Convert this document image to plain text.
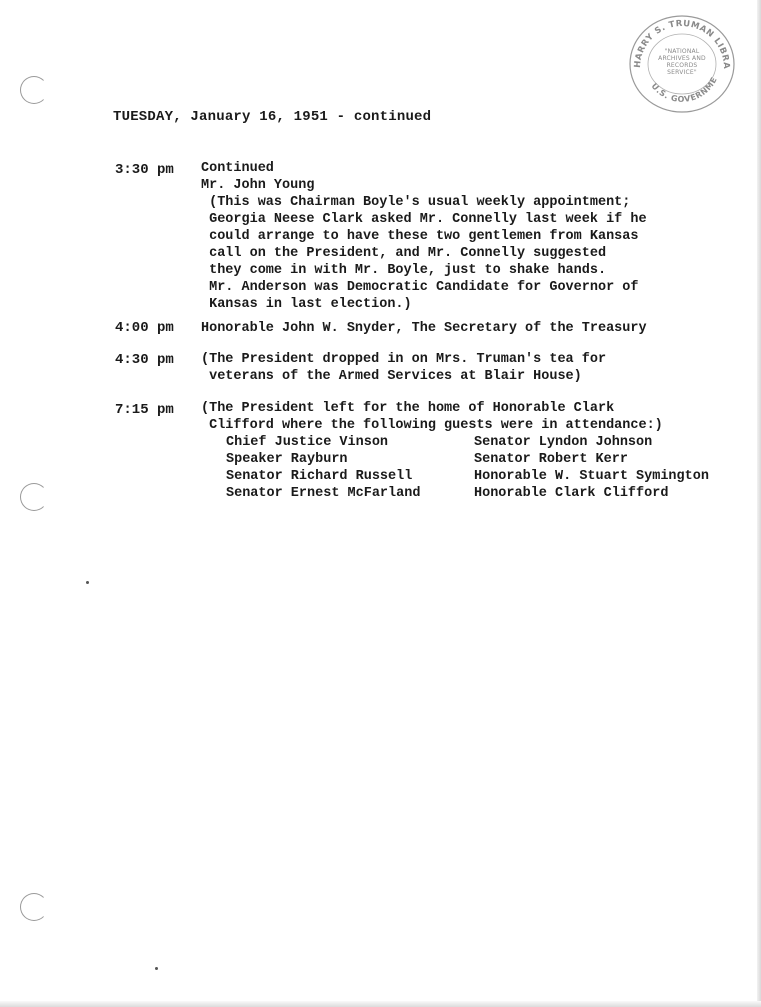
HARRY S. TRUMAN LIBRA
U.S. GOVERNME
"NATIONAL ARCHIVES AND RECORDS SERVICE"
TUESDAY, January 16, 1951 - continued
3:30 pm Continued
Mr. John Young
(This was Chairman Boyle's usual weekly appointment;
Georgia Neese Clark asked Mr. Connelly last week if he
could arrange to have these two gentlemen from Kansas
call on the President, and Mr. Connelly suggested
they come in with Mr. Boyle, just to shake hands.
Mr. Anderson was Democratic Candidate for Governor of
Kansas in last election.)
4:00 pm Honorable John W. Snyder, The Secretary of the Treasury
4:30 pm (The President dropped in on Mrs. Truman's tea for
veterans of the Armed Services at Blair House)
7:15 pm (The President left for the home of Honorable Clark
Clifford where the following guests were in attendance:)
Chief Justice Vinson
Speaker Rayburn
Senator Richard Russell
Senator Ernest McFarland
Senator Lyndon Johnson
Senator Robert Kerr
Honorable W. Stuart Symington
Honorable Clark Clifford
